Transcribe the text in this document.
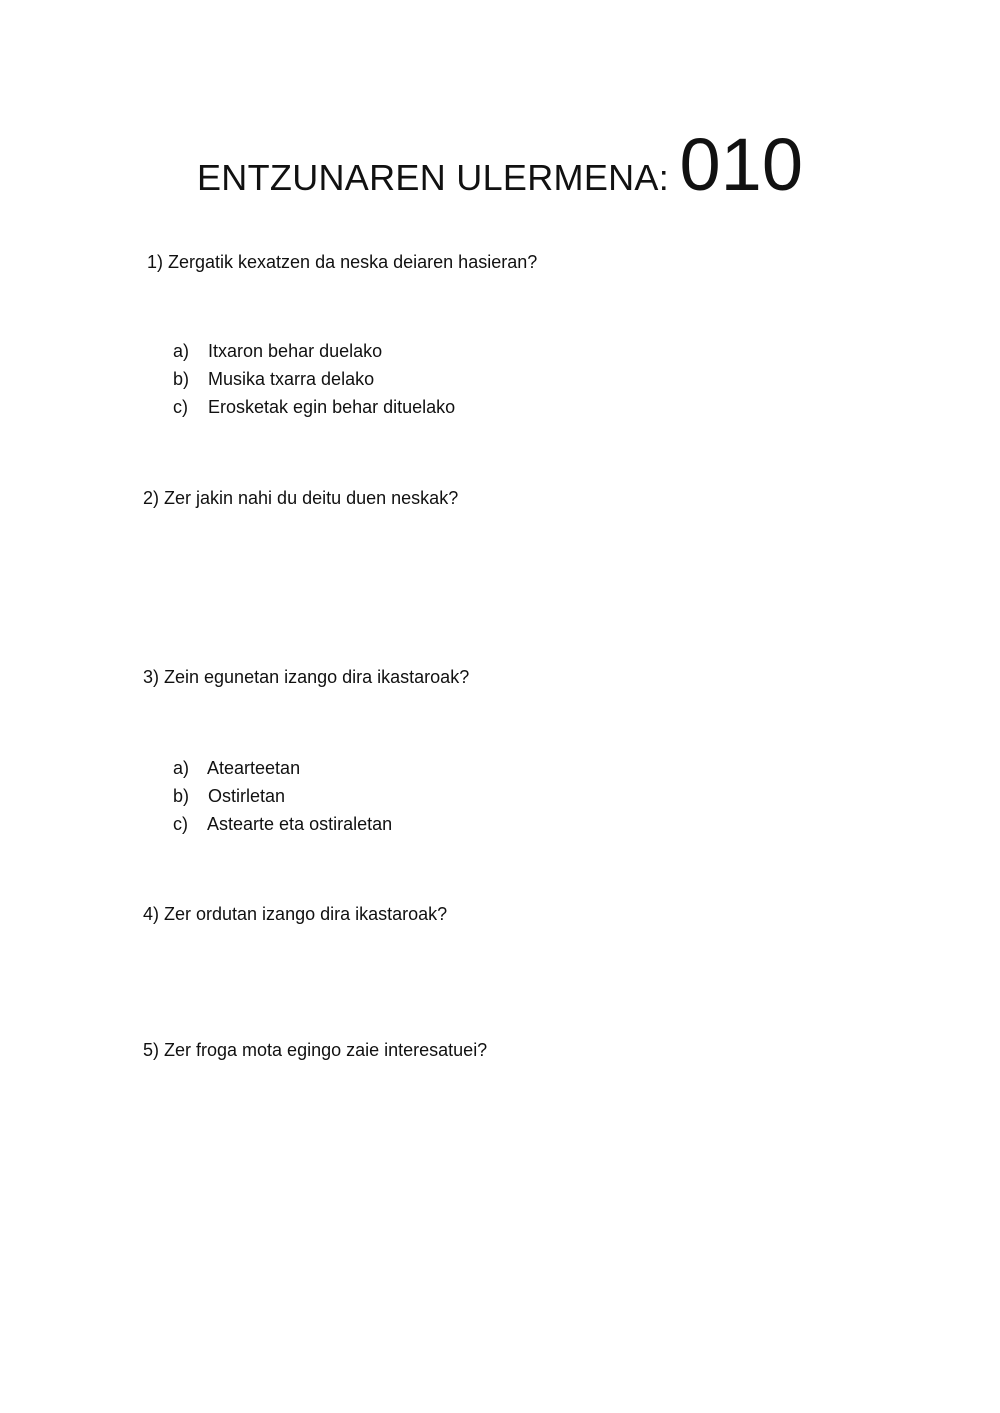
ENTZUNAREN ULERMENA: 010
1) Zergatik kexatzen da neska deiaren hasieran?
a) Itxaron behar duelako
b) Musika txarra delako
c) Erosketak egin behar dituelako
2) Zer jakin nahi du deitu duen neskak?
3) Zein egunetan izango dira ikastaroak?
a) Atearteetan
b) Ostirletan
c) Astearte eta ostiraletan
4) Zer ordutan izango dira ikastaroak?
5) Zer froga mota egingo zaie interesatuei?
